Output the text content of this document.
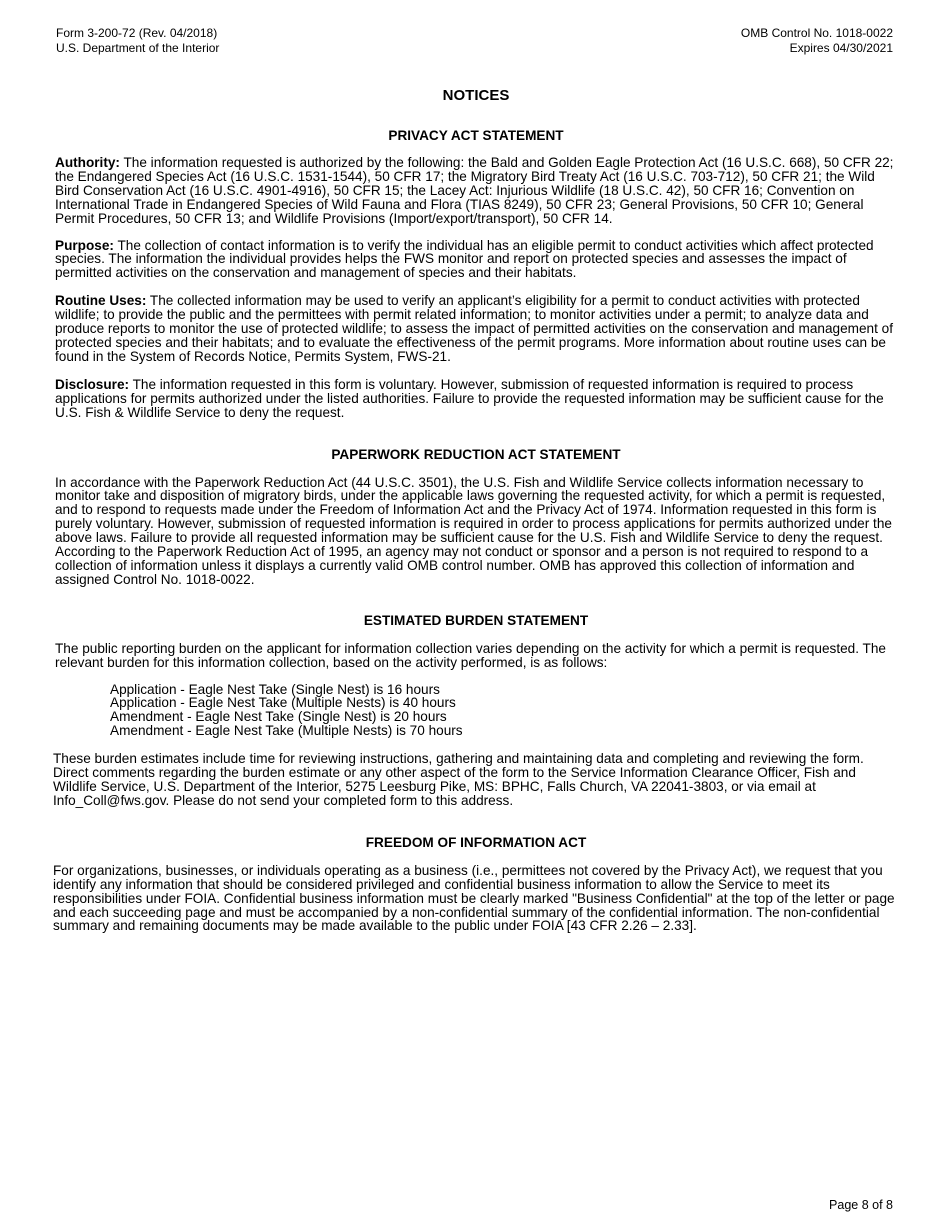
Form 3-200-72 (Rev. 04/2018)
U.S. Department of the Interior
OMB Control No. 1018-0022
Expires 04/30/2021
NOTICES
PRIVACY ACT STATEMENT

Authority: The information requested is authorized by the following: the Bald and Golden Eagle Protection Act (16 U.S.C. 668), 50 CFR 22; the Endangered Species Act (16 U.S.C. 1531-1544), 50 CFR 17; the Migratory Bird Treaty Act (16 U.S.C. 703-712), 50 CFR 21; the Wild Bird Conservation Act (16 U.S.C. 4901-4916), 50 CFR 15; the Lacey Act: Injurious Wildlife (18 U.S.C. 42), 50 CFR 16; Convention on International Trade in Endangered Species of Wild Fauna and Flora (TIAS 8249), 50 CFR 23; General Provisions, 50 CFR 10; General Permit Procedures, 50 CFR 13; and Wildlife Provisions (Import/export/transport), 50 CFR 14.

Purpose: The collection of contact information is to verify the individual has an eligible permit to conduct activities which affect protected species. The information the individual provides helps the FWS monitor and report on protected species and assesses the impact of permitted activities on the conservation and management of species and their habitats.

Routine Uses: The collected information may be used to verify an applicant’s eligibility for a permit to conduct activities with protected wildlife; to provide the public and the permittees with permit related information; to monitor activities under a permit; to analyze data and produce reports to monitor the use of protected wildlife; to assess the impact of permitted activities on the conservation and management of protected species and their habitats; and to evaluate the effectiveness of the permit programs. More information about routine uses can be found in the System of Records Notice, Permits System, FWS-21.

Disclosure: The information requested in this form is voluntary. However, submission of requested information is required to process applications for permits authorized under the listed authorities. Failure to provide the requested information may be sufficient cause for the U.S. Fish & Wildlife Service to deny the request.

PAPERWORK REDUCTION ACT STATEMENT

In accordance with the Paperwork Reduction Act (44 U.S.C. 3501), the U.S. Fish and Wildlife Service collects information necessary to monitor take and disposition of migratory birds, under the applicable laws governing the requested activity, for which a permit is requested, and to respond to requests made under the Freedom of Information Act and the Privacy Act of 1974. Information requested in this form is purely voluntary. However, submission of requested information is required in order to process applications for permits authorized under the above laws. Failure to provide all requested information may be sufficient cause for the U.S. Fish and Wildlife Service to deny the request. According to the Paperwork Reduction Act of 1995, an agency may not conduct or sponsor and a person is not required to respond to a collection of information unless it displays a currently valid OMB control number. OMB has approved this collection of information and assigned Control No. 1018-0022.

ESTIMATED BURDEN STATEMENT

The public reporting burden on the applicant for information collection varies depending on the activity for which a permit is requested. The relevant burden for this information collection, based on the activity performed, is as follows:

Application - Eagle Nest Take (Single Nest) is 16 hours
Application - Eagle Nest Take (Multiple Nests) is 40 hours
Amendment - Eagle Nest Take (Single Nest) is 20 hours
Amendment - Eagle Nest Take (Multiple Nests) is 70 hours

These burden estimates include time for reviewing instructions, gathering and maintaining data and completing and reviewing the form. Direct comments regarding the burden estimate or any other aspect of the form to the Service Information Clearance Officer, Fish and Wildlife Service, U.S. Department of the Interior, 5275 Leesburg Pike, MS: BPHC, Falls Church, VA 22041-3803, or via email at Info_Coll@fws.gov. Please do not send your completed form to this address.

FREEDOM OF INFORMATION ACT

For organizations, businesses, or individuals operating as a business (i.e., permittees not covered by the Privacy Act), we request that you identify any information that should be considered privileged and confidential business information to allow the Service to meet its responsibilities under FOIA. Confidential business information must be clearly marked "Business Confidential" at the top of the letter or page and each succeeding page and must be accompanied by a non-confidential summary of the confidential information. The non-confidential summary and remaining documents may be made available to the public under FOIA [43 CFR 2.26 – 2.33].

Page 8 of 8
